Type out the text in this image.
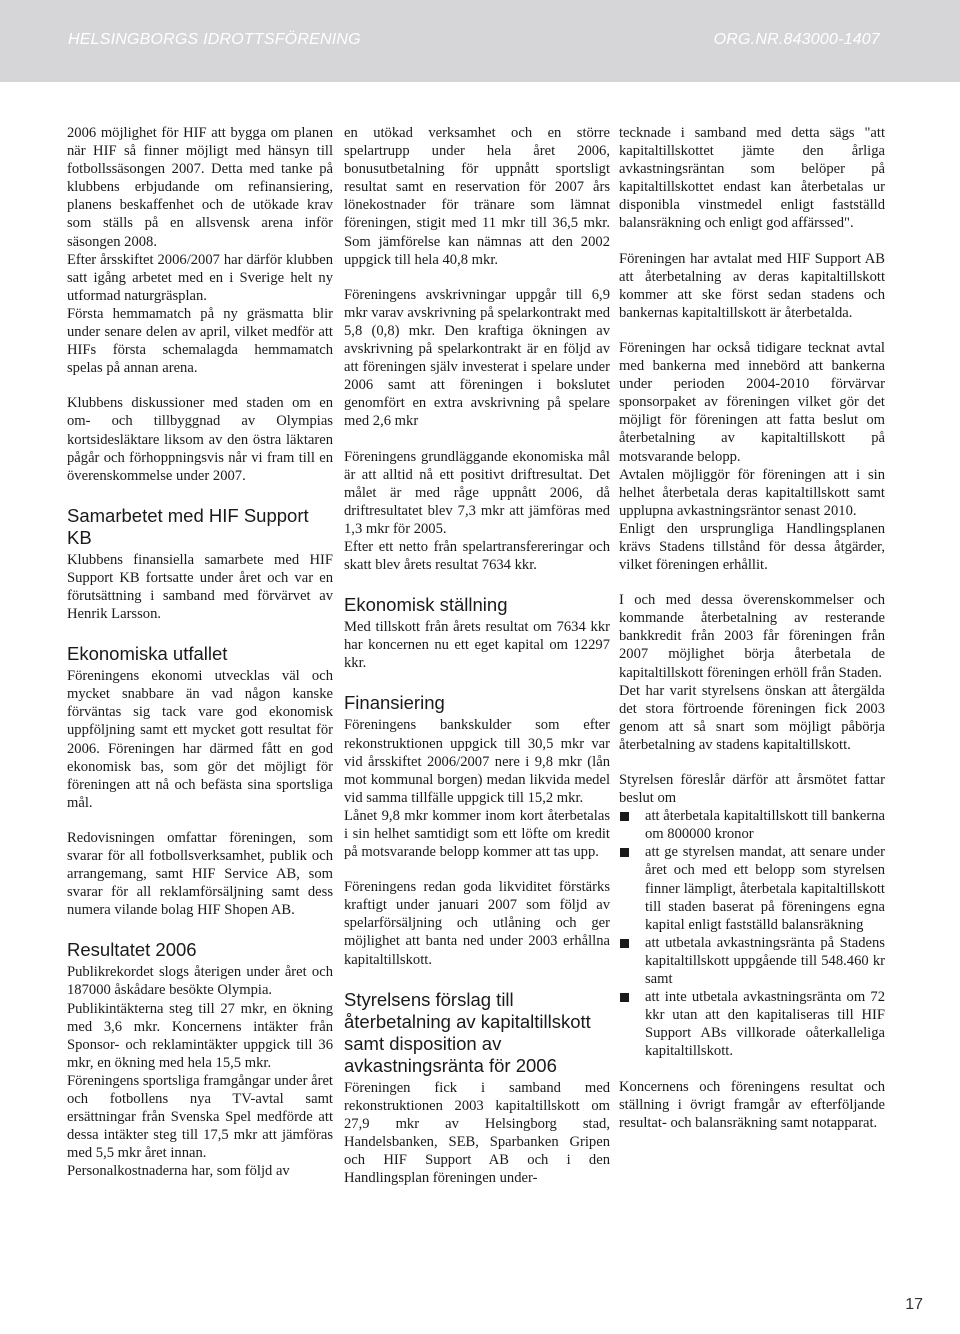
HELSINGBORGS IDROTTSFÖRENING	ORG.NR.843000-1407

2006 möjlighet för HIF att bygga om planen när HIF så finner möjligt med hänsyn till fotbollssäsongen 2007. Detta med tanke på klubbens erbjudande om refinansiering, planens beskaffenhet och de utökade krav som ställs på en allsvensk arena inför säsongen 2008.

Efter årsskiftet 2006/2007 har därför klubben satt igång arbetet med en i Sverige helt ny utformad naturgräsplan.

Första hemmamatch på ny gräsmatta blir under senare delen av april, vilket medför att HIFs första schemalagda hemmamatch spelas på annan arena.

Klubbens diskussioner med staden om en om- och tillbyggnad av Olympias kortsidesläktare liksom av den östra läktaren pågår och förhoppningsvis når vi fram till en överenskommelse under 2007.

Samarbetet med HIF Support KB

Klubbens finansiella samarbete med HIF Support KB fortsatte under året och var en förutsättning i samband med förvärvet av Henrik Larsson.

Ekonomiska utfallet

Föreningens ekonomi utvecklas väl och mycket snabbare än vad någon kanske förväntas sig tack vare god ekonomisk uppföljning samt ett mycket gott resultat för 2006. Föreningen har därmed fått en god ekonomisk bas, som gör det möjligt för föreningen att nå och befästa sina sportsliga mål.

Redovisningen omfattar föreningen, som svarar för all fotbollsverksamhet, publik och arrangemang, samt HIF Service AB, som svarar för all reklamförsäljning samt dess numera vilande bolag HIF Shopen AB.

Resultatet 2006

Publikrekordet slogs återigen under året och 187000 åskådare besökte Olympia.

Publikintäkterna steg till 27 mkr, en ökning med 3,6 mkr. Koncernens intäkter från Sponsor- och reklamintäkter uppgick till 36 mkr, en ökning med hela 15,5 mkr.

Föreningens sportsliga framgångar under året och fotbollens nya TV-avtal samt ersättningar från Svenska Spel medförde att dessa intäkter steg till 17,5 mkr att jämföras med 5,5 mkr året innan.

Personalkostnaderna har, som följd av

en utökad verksamhet och en större spelartrupp under hela året 2006, bonusutbetalning för uppnått sportsligt resultat samt en reservation för 2007 års lönekostnader för tränare som lämnat föreningen, stigit med 11 mkr till 36,5 mkr. Som jämförelse kan nämnas att den 2002 uppgick till hela 40,8 mkr.

Föreningens avskrivningar uppgår till 6,9 mkr varav avskrivning på spelarkontrakt med 5,8 (0,8) mkr. Den kraftiga ökningen av avskrivning på spelarkontrakt är en följd av att föreningen själv investerat i spelare under 2006 samt att föreningen i bokslutet genomfört en extra avskrivning på spelare med 2,6 mkr

Föreningens grundläggande ekonomiska mål är att alltid nå ett positivt driftresultat. Det målet är med råge uppnått 2006, då driftresultatet blev 7,3 mkr att jämföras med 1,3 mkr för 2005.

Efter ett netto från spelartransfereringar och skatt blev årets resultat 7634 kkr.

Ekonomisk ställning

Med tillskott från årets resultat om 7634 kkr har koncernen nu ett eget kapital om 12297 kkr.

Finansiering

Föreningens bankskulder som efter rekonstruktionen uppgick till 30,5 mkr var vid årsskiftet 2006/2007 nere i 9,8 mkr (lån mot kommunal borgen) medan likvida medel vid samma tillfälle uppgick till 15,2 mkr.

Lånet 9,8 mkr kommer inom kort återbetalas i sin helhet samtidigt som ett löfte om kredit på motsvarande belopp kommer att tas upp.

Föreningens redan goda likviditet förstärks kraftigt under januari 2007 som följd av spelarförsäljning och utlåning och ger möjlighet att banta ned under 2003 erhållna kapitaltillskott.

Styrelsens förslag till återbetalning av kapitaltillskott samt disposition av avkastningsränta för 2006

Föreningen fick i samband med rekonstruktionen 2003 kapitaltillskott om 27,9 mkr av Helsingborg stad, Handelsbanken, SEB, Sparbanken Gripen och HIF Support AB och i den Handlingsplan föreningen under-

tecknade i samband med detta sägs "att kapitaltillskottet jämte den årliga avkastningsräntan som belöper på kapitaltillskottet endast kan återbetalas ur disponibla vinstmedel enligt fastställd balansräkning och enligt god affärssed".

Föreningen har avtalat med HIF Support AB att återbetalning av deras kapitaltillskott kommer att ske först sedan stadens och bankernas kapitaltillskott är återbetalda.

Föreningen har också tidigare tecknat avtal med bankerna med innebörd att bankerna under perioden 2004-2010 förvärvar sponsorpaket av föreningen vilket gör det möjligt för föreningen att fatta beslut om återbetalning av kapitaltillskott på motsvarande belopp.

Avtalen möjliggör för föreningen att i sin helhet återbetala deras kapitaltillskott samt upplupna avkastningsräntor senast 2010.

Enligt den ursprungliga Handlingsplanen krävs Stadens tillstånd för dessa åtgärder, vilket föreningen erhållit.

I och med dessa överenskommelser och kommande återbetalning av resterande bankkredit från 2003 får föreningen från 2007 möjlighet börja återbetala de kapitaltillskott föreningen erhöll från Staden.

Det har varit styrelsens önskan att återgälda det stora förtroende föreningen fick 2003 genom att så snart som möjligt påbörja återbetalning av stadens kapitaltillskott.

Styrelsen föreslår därför att årsmötet fattar beslut om

att återbetala kapitaltillskott till bankerna om 800000 kronor
att ge styrelsen mandat, att senare under året och med ett belopp som styrelsen finner lämpligt, återbetala kapitaltillskott till staden baserat på föreningens egna kapital enligt fastställd balansräkning
att utbetala avkastningsränta på Stadens kapitaltillskott uppgående till 548.460 kr samt
att inte utbetala avkastningsränta om 72 kkr utan att den kapitaliseras till HIF Support ABs villkorade oåterkalleliga kapitaltillskott.

Koncernens och föreningens resultat och ställning i övrigt framgår av efterföljande resultat- och balansräkning samt notapparat.

17
